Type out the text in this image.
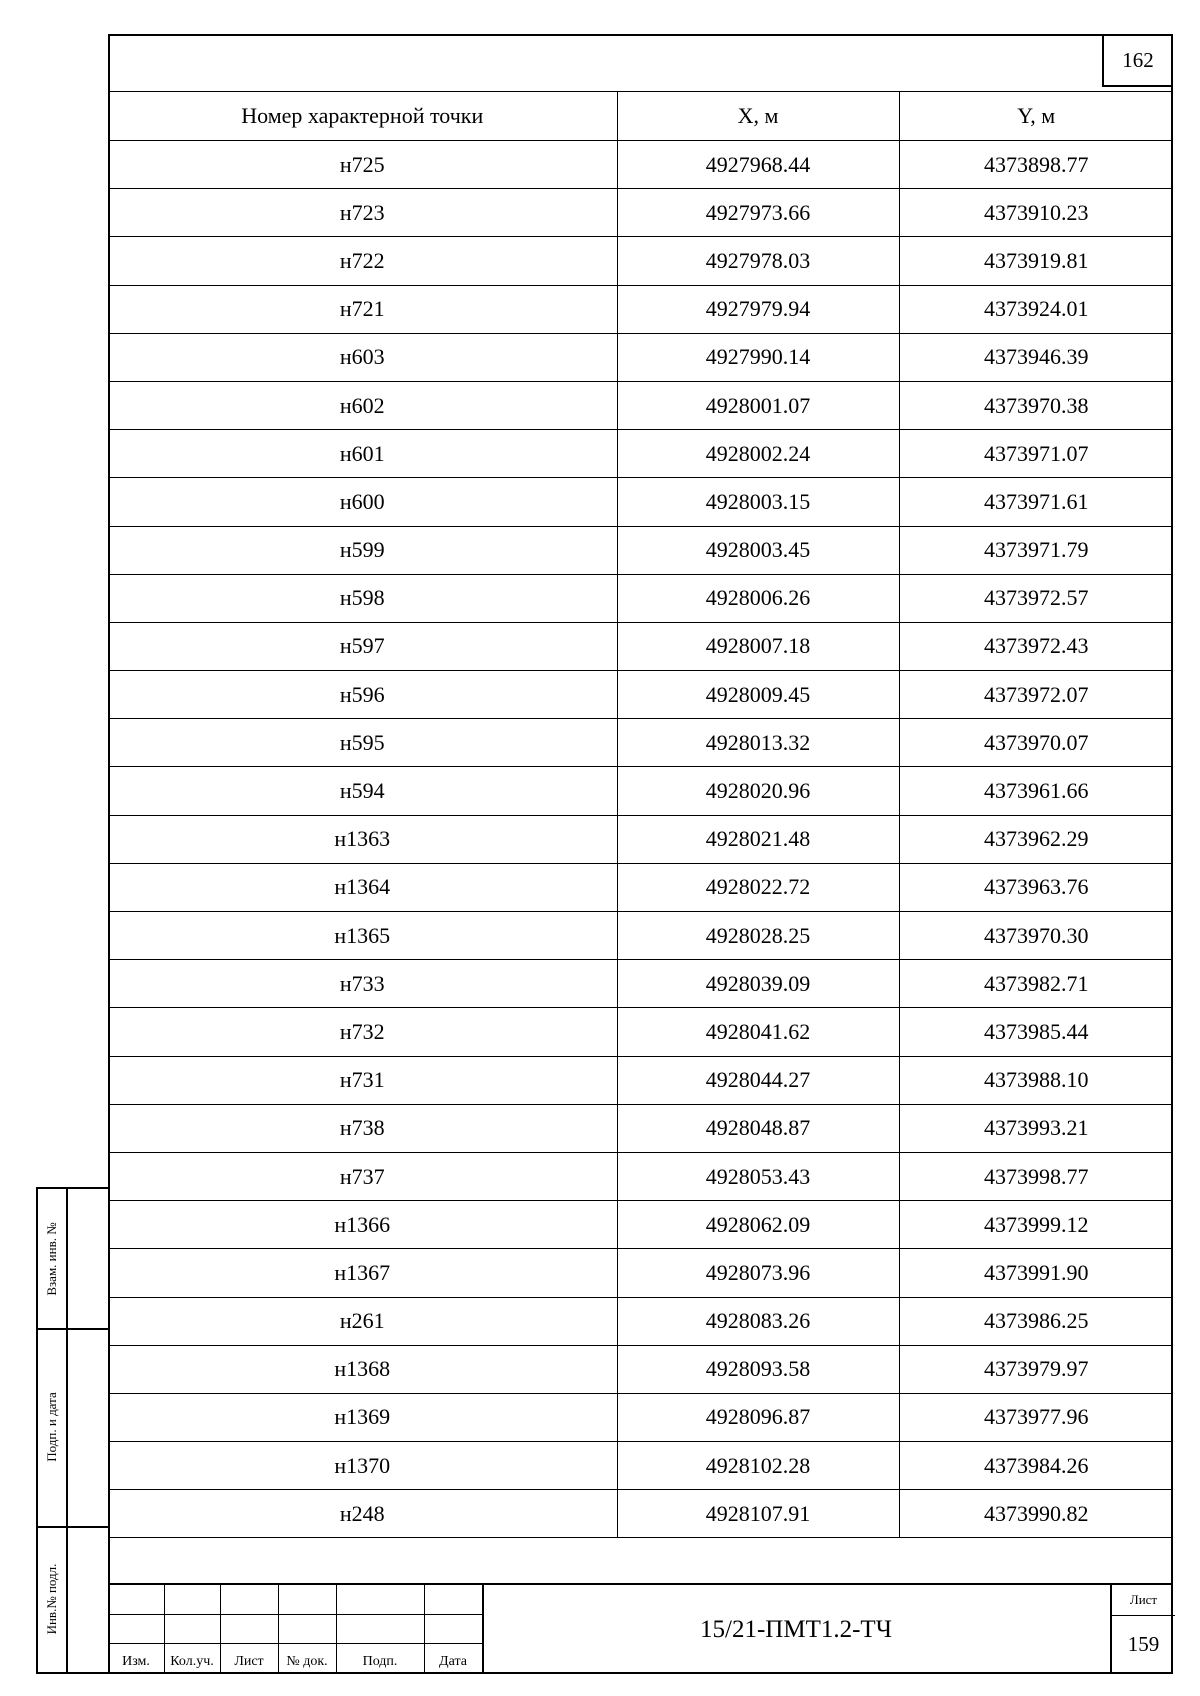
162
Номер характерной точки	X, м	Y, м
н725	4927968.44	4373898.77
н723	4927973.66	4373910.23
н722	4927978.03	4373919.81
н721	4927979.94	4373924.01
н603	4927990.14	4373946.39
н602	4928001.07	4373970.38
н601	4928002.24	4373971.07
н600	4928003.15	4373971.61
н599	4928003.45	4373971.79
н598	4928006.26	4373972.57
н597	4928007.18	4373972.43
н596	4928009.45	4373972.07
н595	4928013.32	4373970.07
н594	4928020.96	4373961.66
н1363	4928021.48	4373962.29
н1364	4928022.72	4373963.76
н1365	4928028.25	4373970.30
н733	4928039.09	4373982.71
н732	4928041.62	4373985.44
н731	4928044.27	4373988.10
н738	4928048.87	4373993.21
н737	4928053.43	4373998.77
н1366	4928062.09	4373999.12
н1367	4928073.96	4373991.90
н261	4928083.26	4373986.25
н1368	4928093.58	4373979.97
н1369	4928096.87	4373977.96
н1370	4928102.28	4373984.26
н248	4928107.91	4373990.82
Взам. инв. №
Подп. и дата
Инв.№ подл.
Изм.	Кол.уч.	Лист	№ док.	Подп.	Дата
15/21-ПМТ1.2-ТЧ
Лист
159
